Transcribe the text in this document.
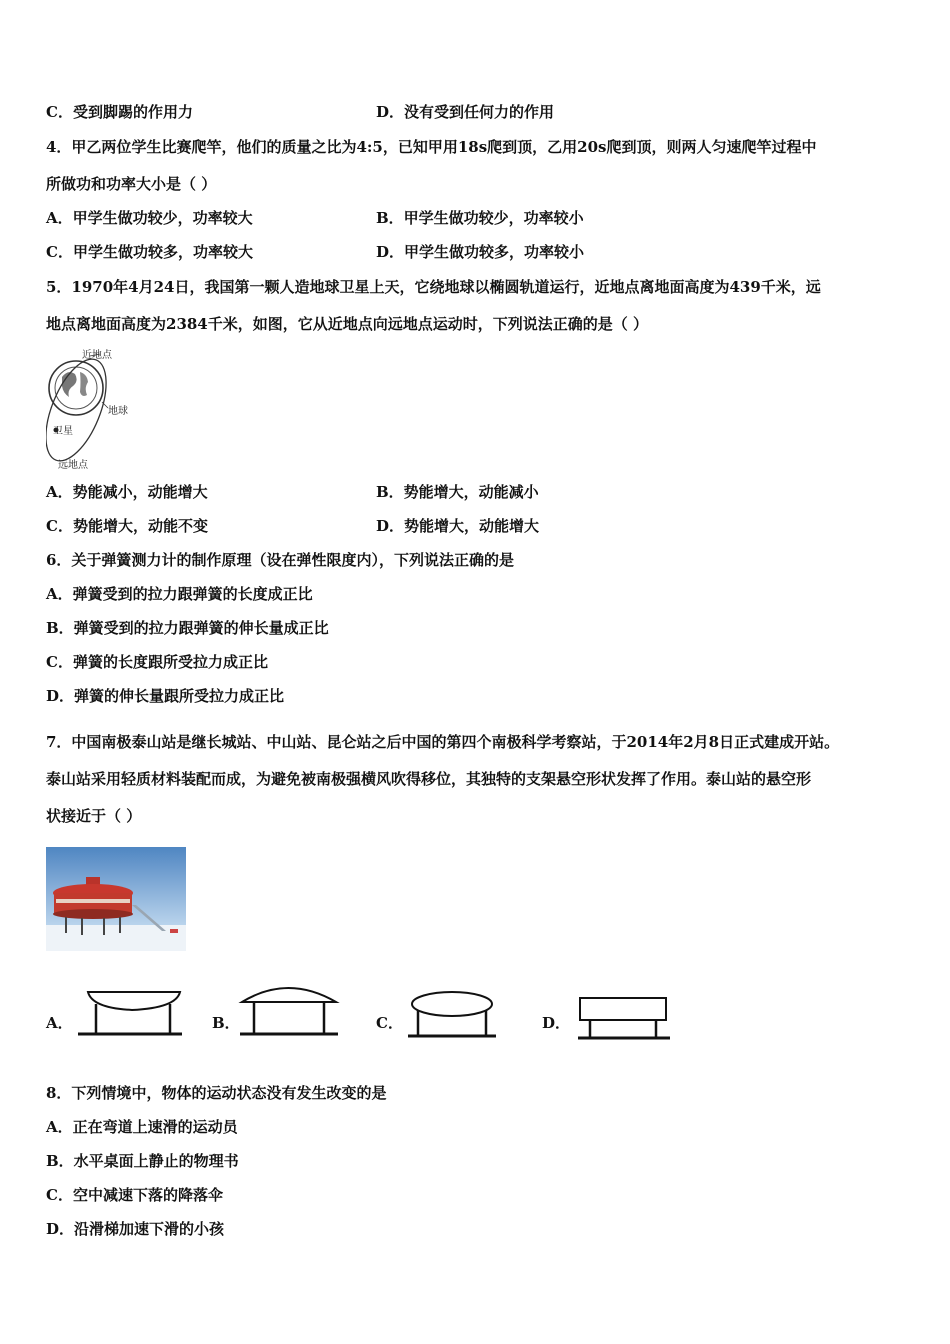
C．受到脚踢的作用力	D．没有受到任何力的作用
4．甲乙两位学生比赛爬竿，他们的质量之比为4:5，已知甲用18s爬到顶，乙用20s爬到顶，则两人匀速爬竿过程中
所做功和功率大小是（ ）
A．甲学生做功较少，功率较大	B．甲学生做功较少，功率较小
C．甲学生做功较多，功率较大	D．甲学生做功较多，功率较小
5．1970年4月24日，我国第一颗人造地球卫星上天，它绕地球以椭圆轨道运行，近地点离地面高度为439千米，远
地点离地面高度为2384千米，如图，它从近地点向远地点运动时，下列说法正确的是（ ）
近地点
地球
卫星
远地点
A．势能减小，动能增大	B．势能增大，动能减小
C．势能增大，动能不变	D．势能增大，动能增大
6．关于弹簧测力计的制作原理（设在弹性限度内），下列说法正确的是
A．弹簧受到的拉力跟弹簧的长度成正比
B．弹簧受到的拉力跟弹簧的伸长量成正比
C．弹簧的长度跟所受拉力成正比
D．弹簧的伸长量跟所受拉力成正比
7．中国南极泰山站是继长城站、中山站、昆仑站之后中国的第四个南极科学考察站，于2014年2月8日正式建成开站。
泰山站采用轻质材料装配而成，为避免被南极强横风吹得移位，其独特的支架悬空形状发挥了作用。泰山站的悬空形
状接近于（ ）
A．	B．	C．	D．
8．下列情境中，物体的运动状态没有发生改变的是
A．正在弯道上速滑的运动员
B．水平桌面上静止的物理书
C．空中减速下落的降落伞
D．沿滑梯加速下滑的小孩
